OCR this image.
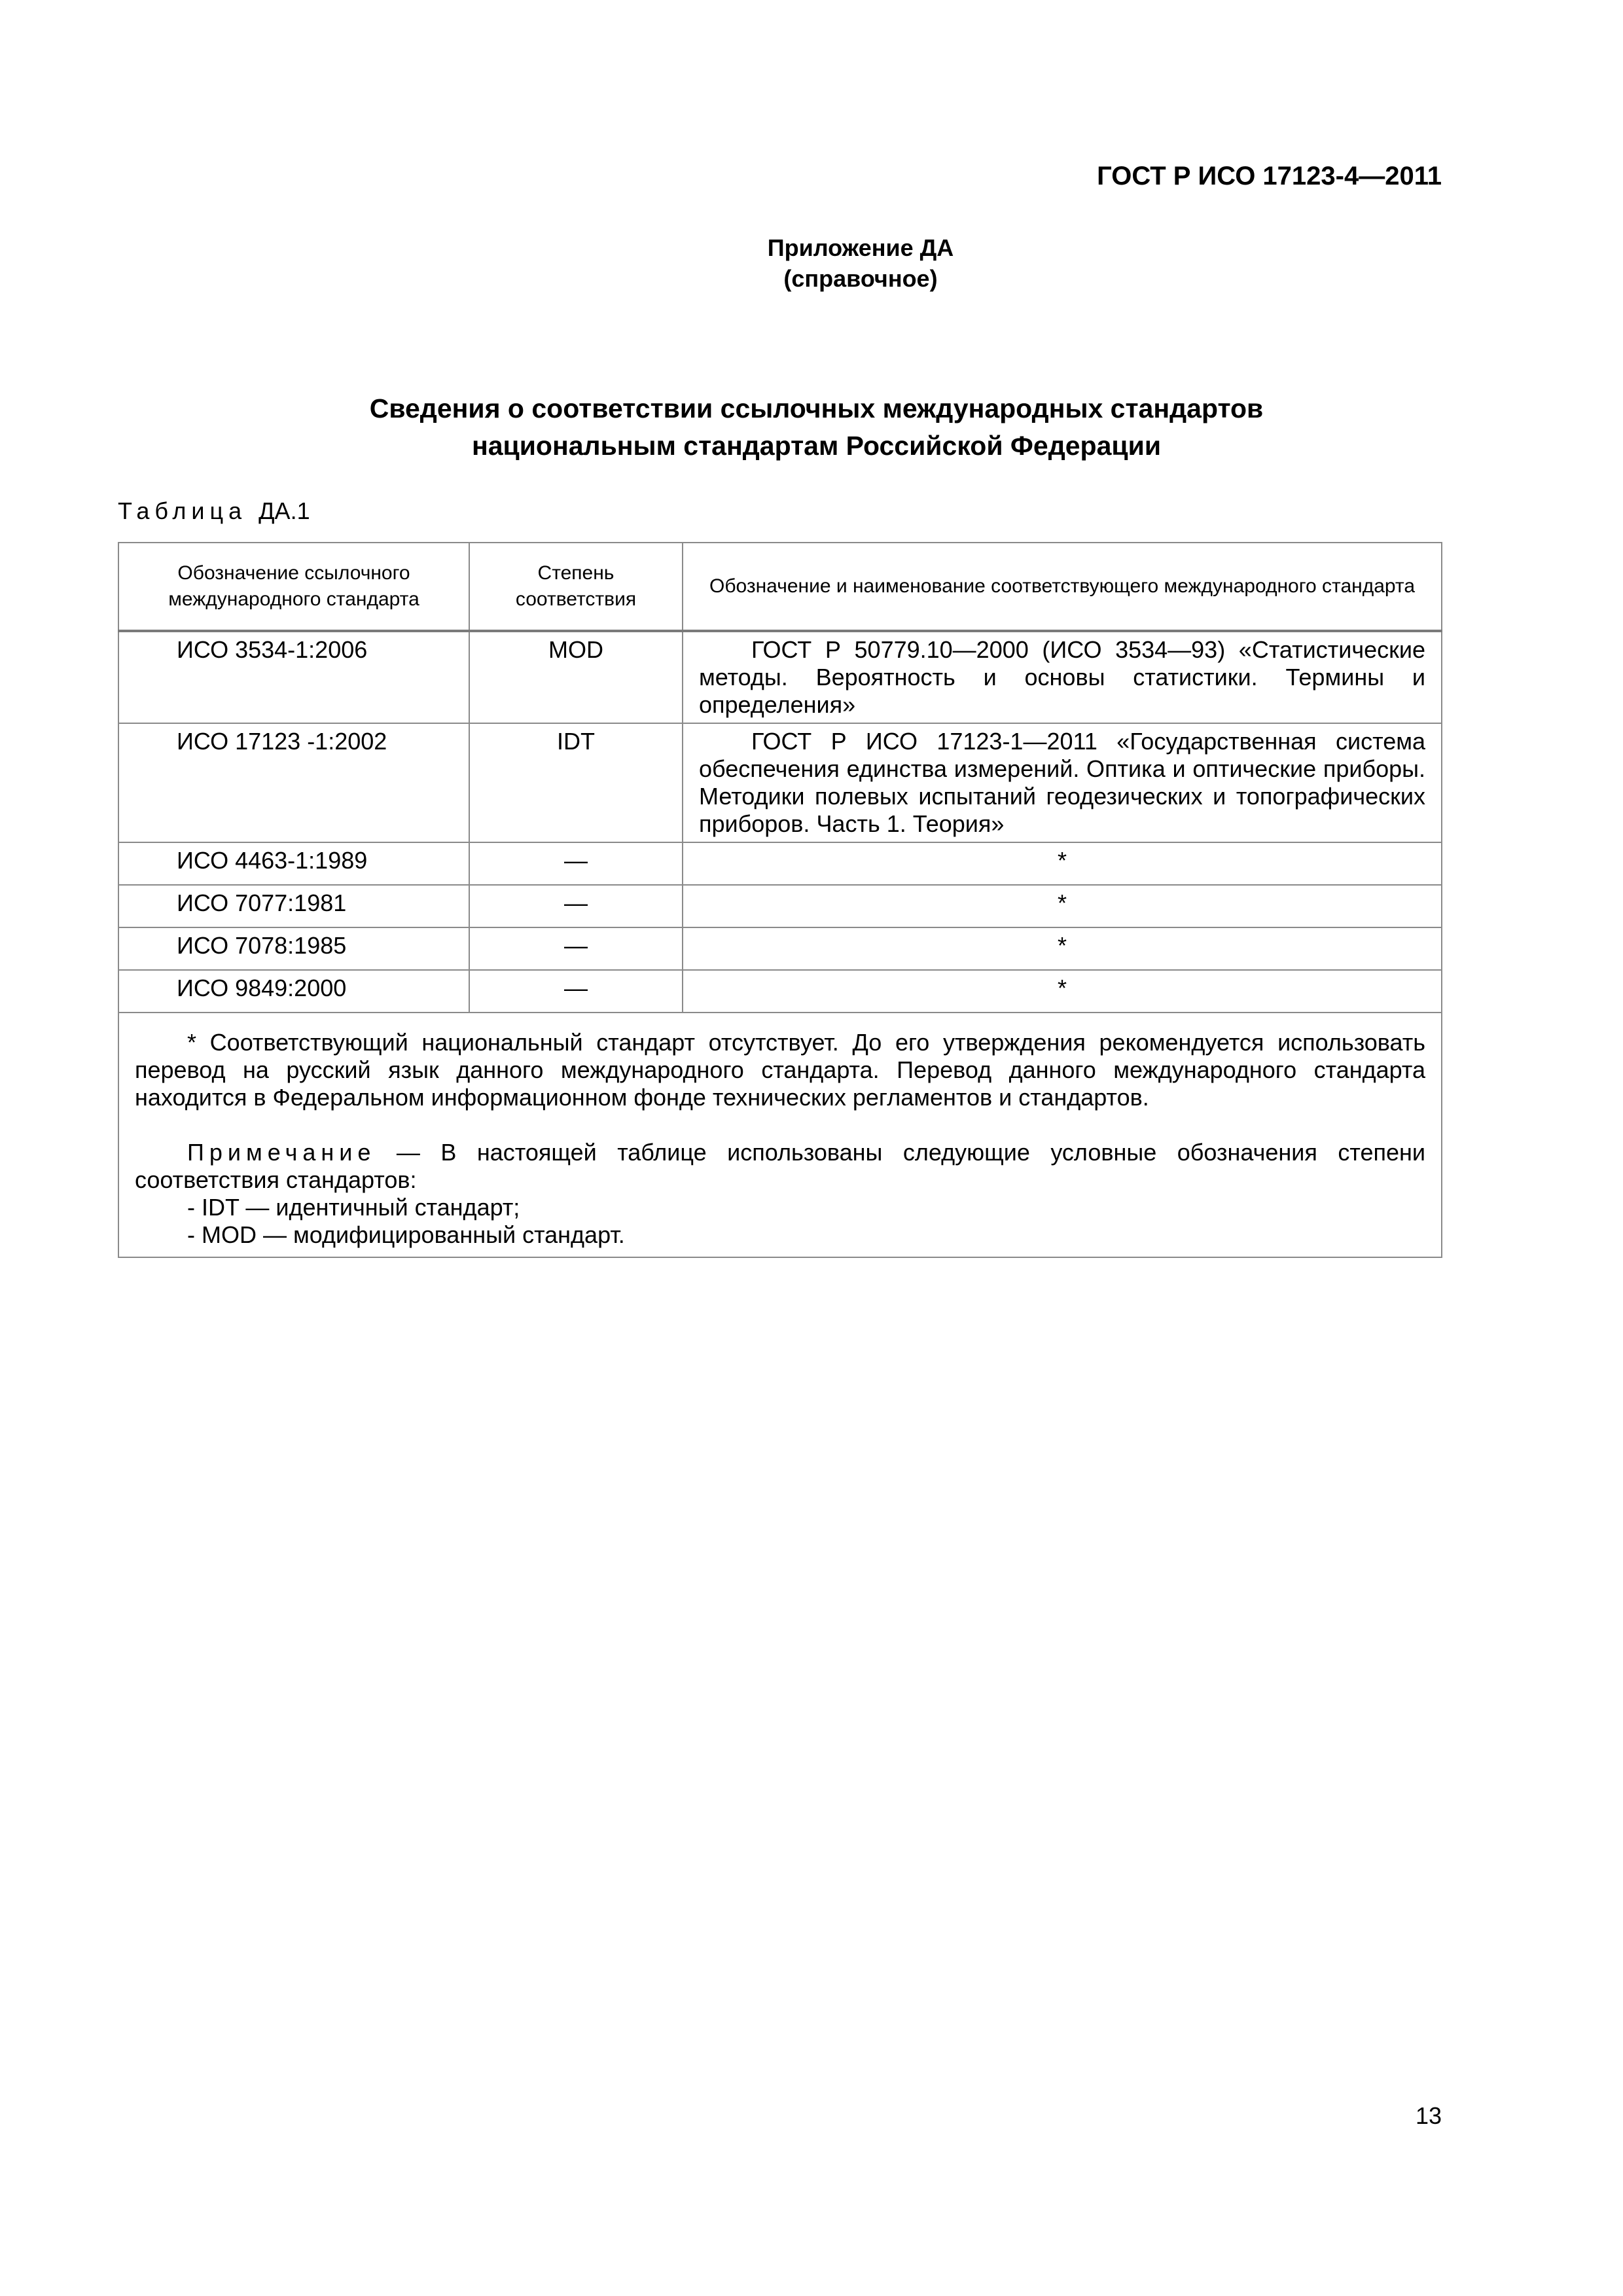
ГОСТ Р ИСО 17123-4—2011
Приложение ДА
(справочное)
Сведения о соответствии ссылочных международных стандартов
национальным стандартам Российской Федерации
Таблица ДА.1
Обозначение ссылочного международного стандарта	Степень соответствия	Обозначение и наименование соответствующего международного стандарта
ИСО 3534-1:2006	MOD	ГОСТ Р 50779.10—2000 (ИСО 3534—93) «Статистические методы. Вероятность и основы статистики. Термины и определения»
ИСО 17123 -1:2002	IDT	ГОСТ Р ИСО 17123-1—2011 «Государственная система обеспечения единства измерений. Оптика и оптические приборы. Методики полевых испытаний геодезических и топографических приборов. Часть 1. Теория»
ИСО 4463-1:1989	—	*
ИСО 7077:1981	—	*
ИСО 7078:1985	—	*
ИСО 9849:2000	—	*

* Соответствующий национальный стандарт отсутствует. До его утверждения рекомендуется использовать перевод на русский язык данного международного стандарта. Перевод данного международного стандарта находится в Федеральном информационном фонде технических регламентов и стандартов.
Примечание — В настоящей таблице использованы следующие условные обозначения степени соответствия стандартов:
- IDT — идентичный стандарт;
- MOD — модифицированный стандарт.		
13
